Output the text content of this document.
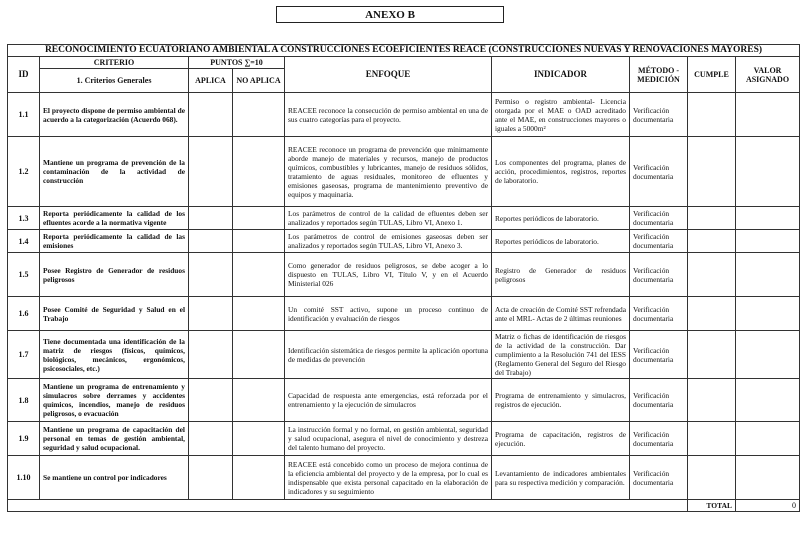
ANEXO B
RECONOCIMIENTO ECUATORIANO AMBIENTAL A CONSTRUCCIONES ECOEFICIENTES REACE (CONSTRUCCIONES NUEVAS Y RENOVACIONES MAYORES)								
ID	CRITERIO	PUNTOS ∑=10		ENFOQUE	INDICADOR	MÉTODO - MEDICIÓN	CUMPLE	VALOR ASIGNADO
	1. Criterios Generales	APLICA	NO APLICA					

1.1	El proyecto dispone de permiso ambiental de acuerdo a la categorización (Acuerdo 068).			REACEE reconoce la consecución de permiso ambiental en una de sus cuatro categorías para el proyecto.	Permiso o registro ambiental- Licencia otorgada por el MAE o OAD acreditado ante el MAE, en construcciones mayores o iguales a 5000m²	Verificación documentaria		
1.2	Mantiene un programa de prevención de la contaminación de la actividad de construcción			REACEE reconoce un programa de prevención que mínimamente aborde manejo de materiales y recursos, manejo de productos químicos, combustibles y lubricantes, manejo de residuos sólidos, tratamiento de aguas residuales, monitoreo de efluentes y emisiones gaseosas, programa de mantenimiento preventivo de equipos y maquinaria.	Los componentes del programa, planes de acción, procedimientos, registros, reportes de laboratorio.	Verificación documentaria		
1.3	Reporta periódicamente la calidad de los efluentes acorde a la normativa vigente			Los parámetros de control de la calidad de efluentes deben ser analizados y reportados según TULAS, Libro VI, Anexo 1.	Reportes periódicos de laboratorio.	Verificación documentaria		
1.4	Reporta periódicamente la calidad de las emisiones			Los parámetros de control de emisiones gaseosas deben ser analizados y reportados según TULAS, Libro VI, Anexo 3.	Reportes periódicos de laboratorio.	Verificación documentaria		
1.5	Posee Registro de Generador de residuos peligrosos			Como generador de residuos peligrosos, se debe acoger a lo dispuesto en TULAS, Libro VI, Título V, y en el Acuerdo Ministerial 026	Registro de Generador de residuos peligrosos	Verificación documentaria		
1.6	Posee Comité de Seguridad y Salud en el Trabajo			Un comité SST activo, supone un proceso continuo de identificación y evaluación de riesgos	Acta de creación de Comité SST refrendada ante el MRL- Actas de 2 últimas reuniones	Verificación documentaria		
1.7	Tiene documentada una identificación de la matriz de riesgos (físicos, químicos, biológicos, mecánicos, ergonómicos, psicosociales, etc.)			Identificación sistemática de riesgos permite la aplicación oportuna de medidas de prevención	Matriz o fichas de identificación de riesgos de la actividad de la construcción. Dar cumplimiento a la Resolución 741 del IESS (Reglamento General del Seguro del Riesgo del Trabajo)	Verificación documentaria		
1.8	Mantiene un programa de entrenamiento y simulacros sobre derrames y accidentes químicos, incendios, manejo de residuos peligrosos, o evacuación			Capacidad de respuesta ante emergencias, está reforzada por el entrenamiento y la ejecución de simulacros	Programa de entrenamiento y simulacros, registros de ejecución.	Verificación documentaria		
1.9	Mantiene un programa de capacitación del personal en temas de gestión ambiental, seguridad y salud ocupacional.			La instrucción formal y no formal, en gestión ambiental, seguridad y salud ocupacional, asegura el nivel de conocimiento y destreza del talento humano del proyecto.	Programa de capacitación, registros de ejecución.	Verificación documentaria		
1.10	Se mantiene un control por indicadores			REACEE está concebido como un proceso de mejora continua de la eficiencia ambiental del proyecto y de la empresa, por lo cual es indispensable que exista personal capacitado en la elaboración de indicadores y su seguimiento	Levantamiento de indicadores ambientales para su respectiva medición y comparación.	Verificación documentaria		
							TOTAL	0
